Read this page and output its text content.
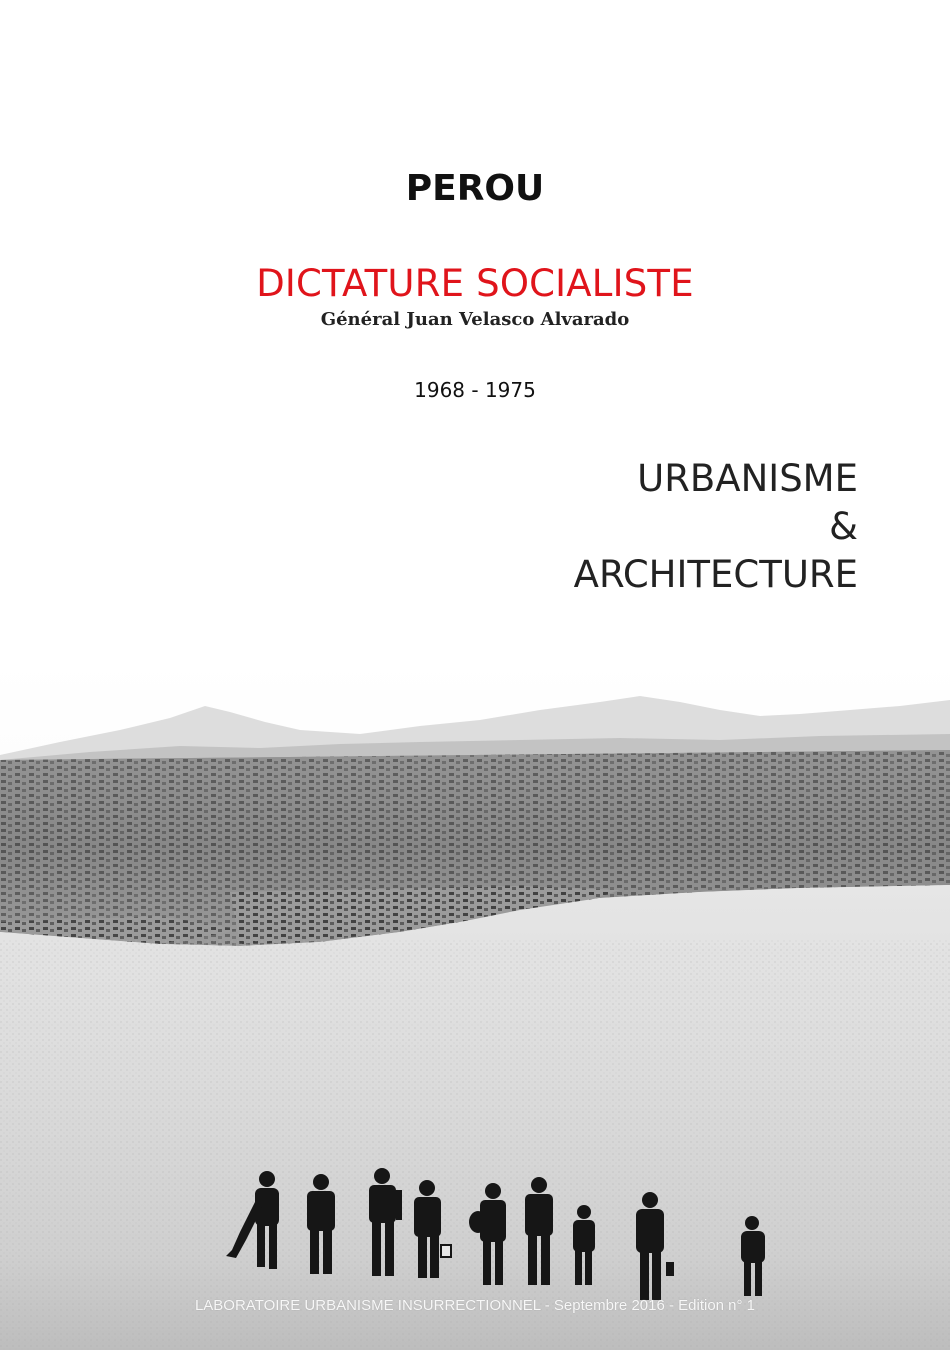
PEROU
DICTATURE SOCIALISTE
Général Juan Velasco Alvarado
1968 - 1975
URBANISME
&
ARCHITECTURE
LABORATOIRE URBANISME INSURRECTIONNEL - Septembre 2016 - Edition n° 1
